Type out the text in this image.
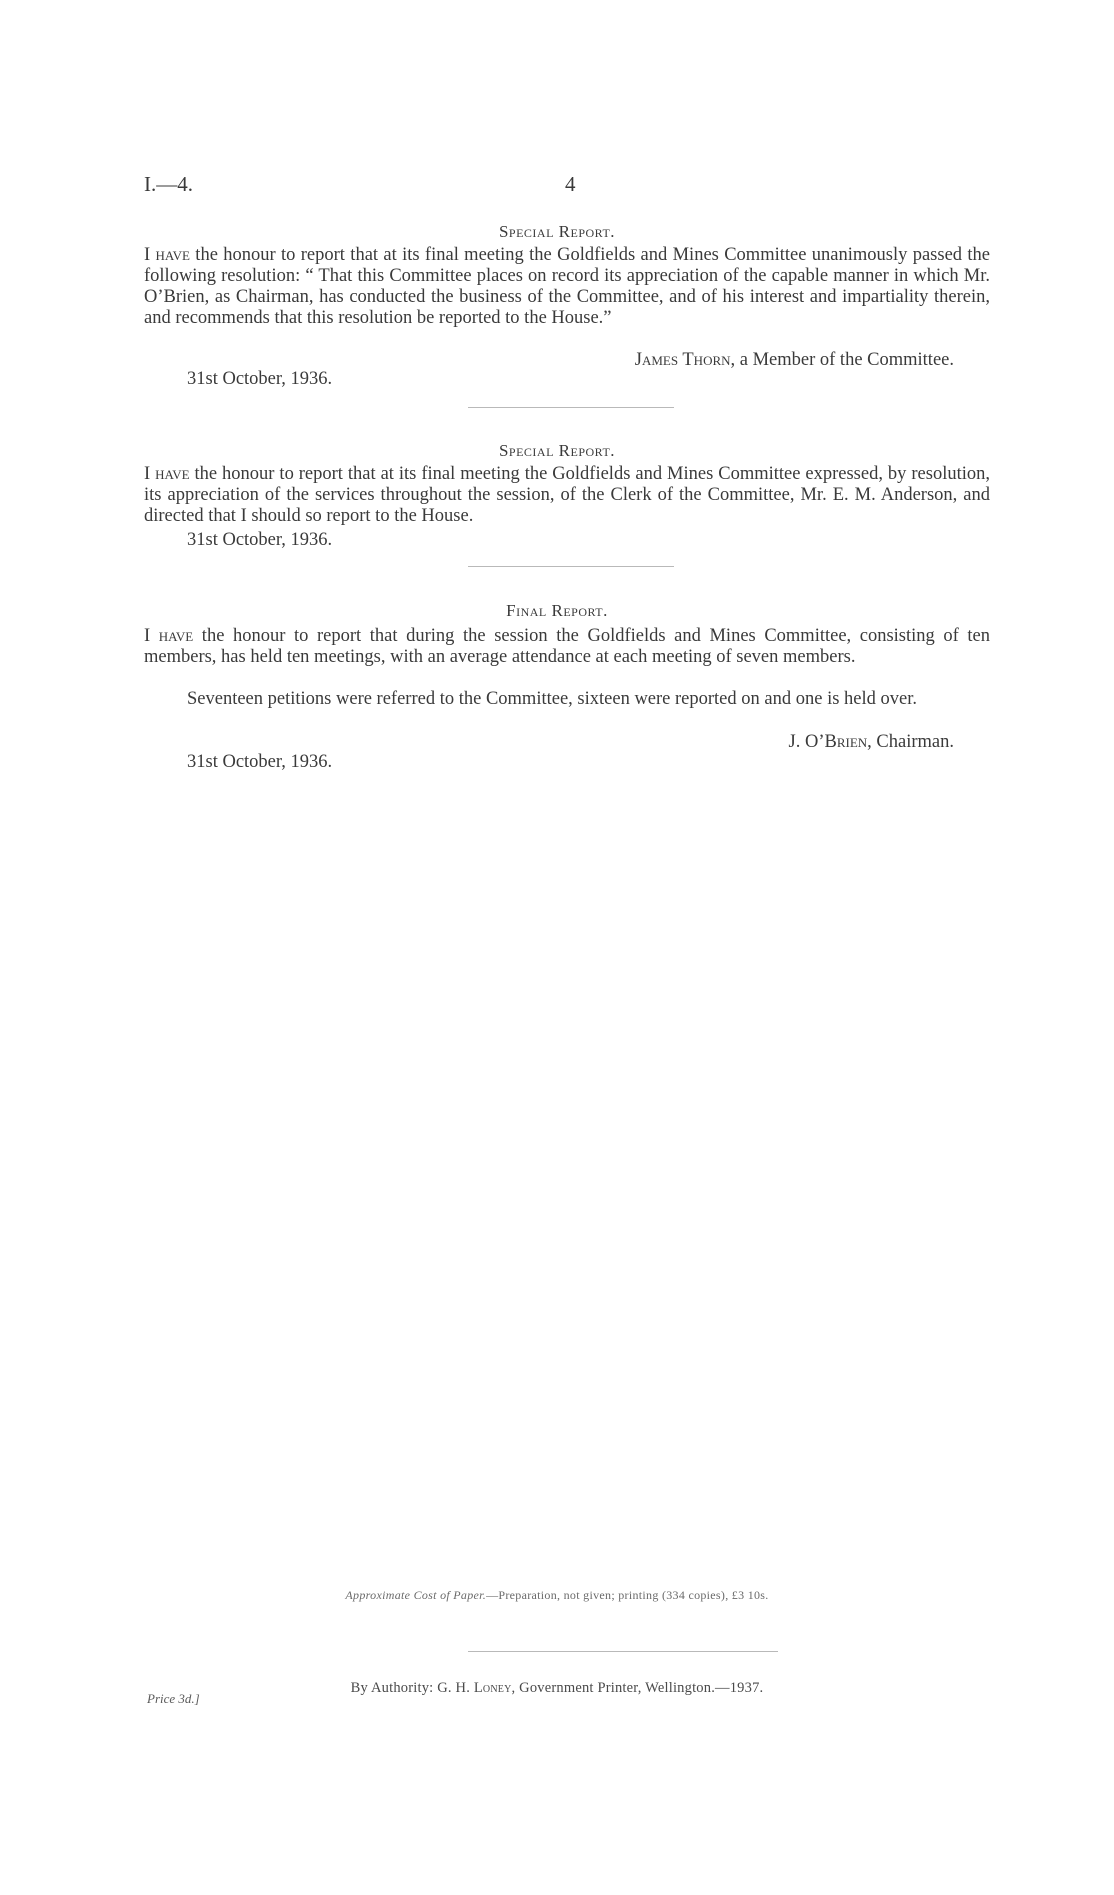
I.—4.	4
Special Report.
I have the honour to report that at its final meeting the Goldfields and Mines Committee unanimously passed the following resolution: “ That this Committee places on record its appreciation of the capable manner in which Mr. O’Brien, as Chairman, has conducted the business of the Committee, and of his interest and impartiality therein, and recommends that this resolution be reported to the House.”
James Thorn, a Member of the Committee.
31st October, 1936.
Special Report.
I have the honour to report that at its final meeting the Goldfields and Mines Committee expressed, by resolution, its appreciation of the services throughout the session, of the Clerk of the Committee, Mr. E. M. Anderson, and directed that I should so report to the House.
31st October, 1936.
Final Report.
I have the honour to report that during the session the Goldfields and Mines Committee, consisting of ten members, has held ten meetings, with an average attendance at each meeting of seven members.
Seventeen petitions were referred to the Committee, sixteen were reported on and one is held over.
J. O’Brien, Chairman.
31st October, 1936.
Approximate Cost of Paper.—Preparation, not given; printing (334 copies), £3 10s.
By Authority: G. H. Loney, Government Printer, Wellington.—1937.
Price 3d.]
